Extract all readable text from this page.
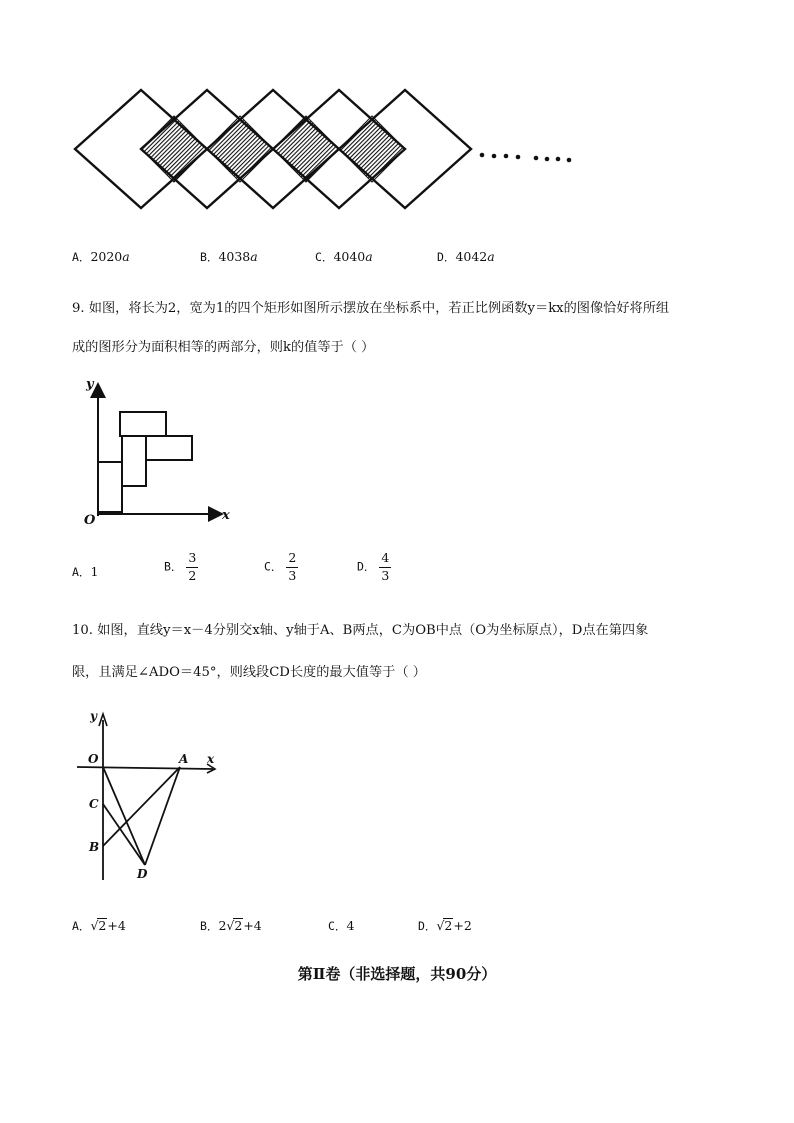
A．2020a	B．4038a	C．4040a	D．4042a
9. 如图，将长为2，宽为1的四个矩形如图所示摆放在坐标系中，若正比例函数y＝kx的图像恰好将所组
成的图形分为面积相等的两部分，则k的值等于（ ）
y
x
O
A．1	B． $\frac{3}{2}$	C． $\frac{2}{3}$	D． $\frac{4}{3}$
10. 如图，直线y＝x－4分别交x轴、y轴于A、B两点，C为OB中点（O为坐标原点），D点在第四象
限，且满足∠ADO＝45°，则线段CD长度的最大值等于（ ）
y
x
O	A
C
B
D
A．√2+4	B．2√2+4	C．4	D．√2+2
第Ⅱ卷（非选择题，共90分）
